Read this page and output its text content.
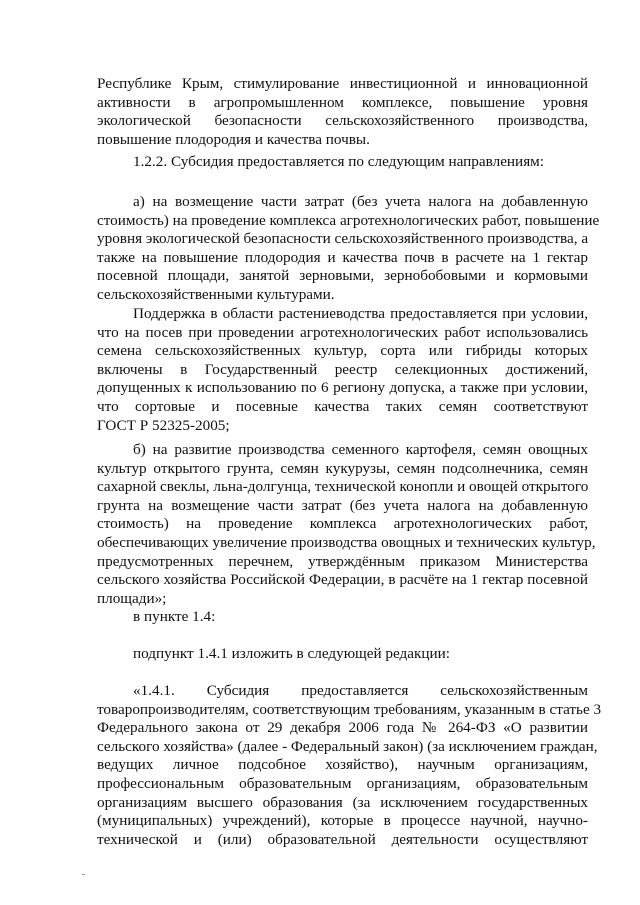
Республике Крым, стимулирование инвестиционной и инновационной
активности в агропромышленном комплексе, повышение уровня
экологической безопасности сельскохозяйственного производства,
повышение плодородия и качества почвы.
1.2.2. Субсидия предоставляется по следующим направлениям:
а) на возмещение части затрат (без учета налога на добавленную
стоимость) на проведение комплекса агротехнологических работ, повышение
уровня экологической безопасности сельскохозяйственного производства, а
также на повышение плодородия и качества почв в расчете на 1 гектар
посевной площади, занятой зерновыми, зернобобовыми и кормовыми
сельскохозяйственными культурами.
Поддержка в области растениеводства предоставляется при условии,
что на посев при проведении агротехнологических работ использовались
семена сельскохозяйственных культур, сорта или гибриды которых
включены в Государственный реестр селекционных достижений,
допущенных к использованию по 6 региону допуска, а также при условии,
что сортовые и посевные качества таких семян соответствуют
ГОСТ Р 52325-2005;
б) на развитие производства семенного картофеля, семян овощных
культур открытого грунта, семян кукурузы, семян подсолнечника, семян
сахарной свеклы, льна-долгунца, технической конопли и овощей открытого
грунта на возмещение части затрат (без учета налога на добавленную
стоимость) на проведение комплекса агротехнологических работ,
обеспечивающих увеличение производства овощных и технических культур,
предусмотренных перечнем, утверждённым приказом Министерства
сельского хозяйства Российской Федерации, в расчёте на 1 гектар посевной
площади»;
в пункте 1.4:
подпункт 1.4.1 изложить в следующей редакции:
«1.4.1. Субсидия предоставляется сельскохозяйственным
товаропроизводителям, соответствующим требованиям, указанным в статье 3
Федерального закона от 29 декабря 2006 года № 264-ФЗ «О развитии
сельского хозяйства» (далее - Федеральный закон) (за исключением граждан,
ведущих личное подсобное хозяйство), научным организациям,
профессиональным образовательным организациям, образовательным
организациям высшего образования (за исключением государственных
(муниципальных) учреждений), которые в процессе научной, научно-
технической и (или) образовательной деятельности осуществляют
